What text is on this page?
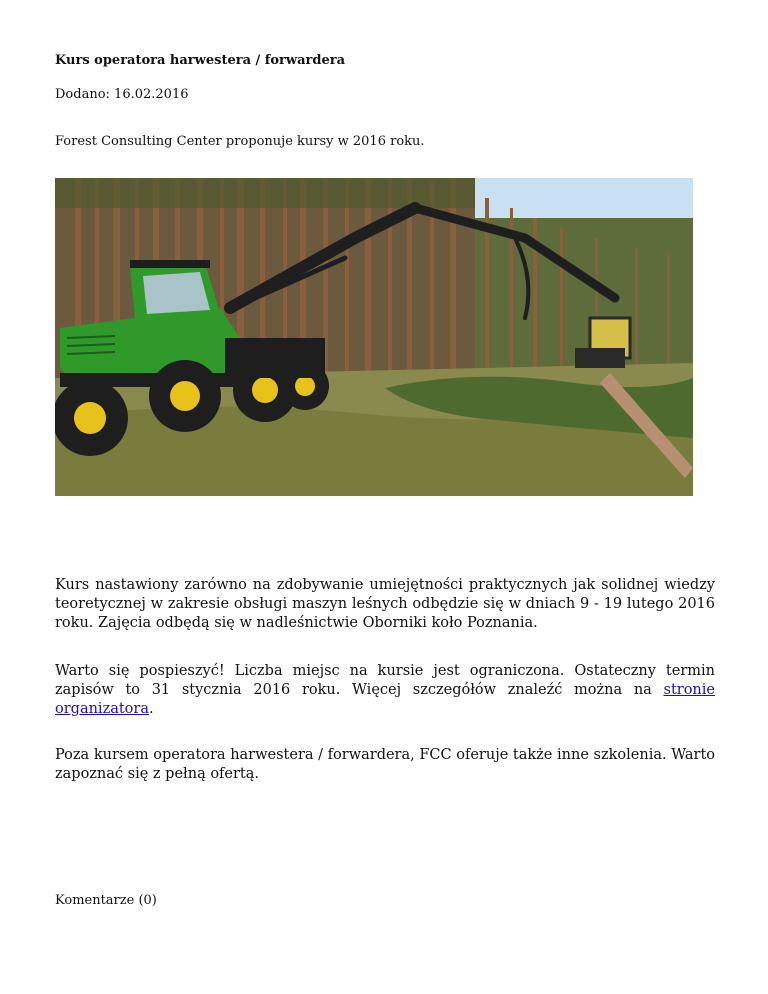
Kurs operatora harwestera / forwardera
Dodano: 16.02.2016
Forest Consulting Center proponuje kursy w 2016 roku.

Kurs nastawiony zarówno na zdobywanie umiejętności praktycznych jak solidnej wiedzy teoretycznej w zakresie obsługi maszyn leśnych odbędzie się w dniach 9 - 19 lutego 2016 roku. Zajęcia odbędą się w nadleśnictwie Oborniki koło Poznania.

Warto się pospieszyć! Liczba miejsc na kursie jest ograniczona. Ostateczny termin zapisów to 31 stycznia 2016 roku. Więcej szczegółów znaleźć można na stronie organizatora.

Poza kursem operatora harwestera / forwardera, FCC oferuje także inne szkolenia. Warto zapoznać się z pełną ofertą.

Komentarze (0)
